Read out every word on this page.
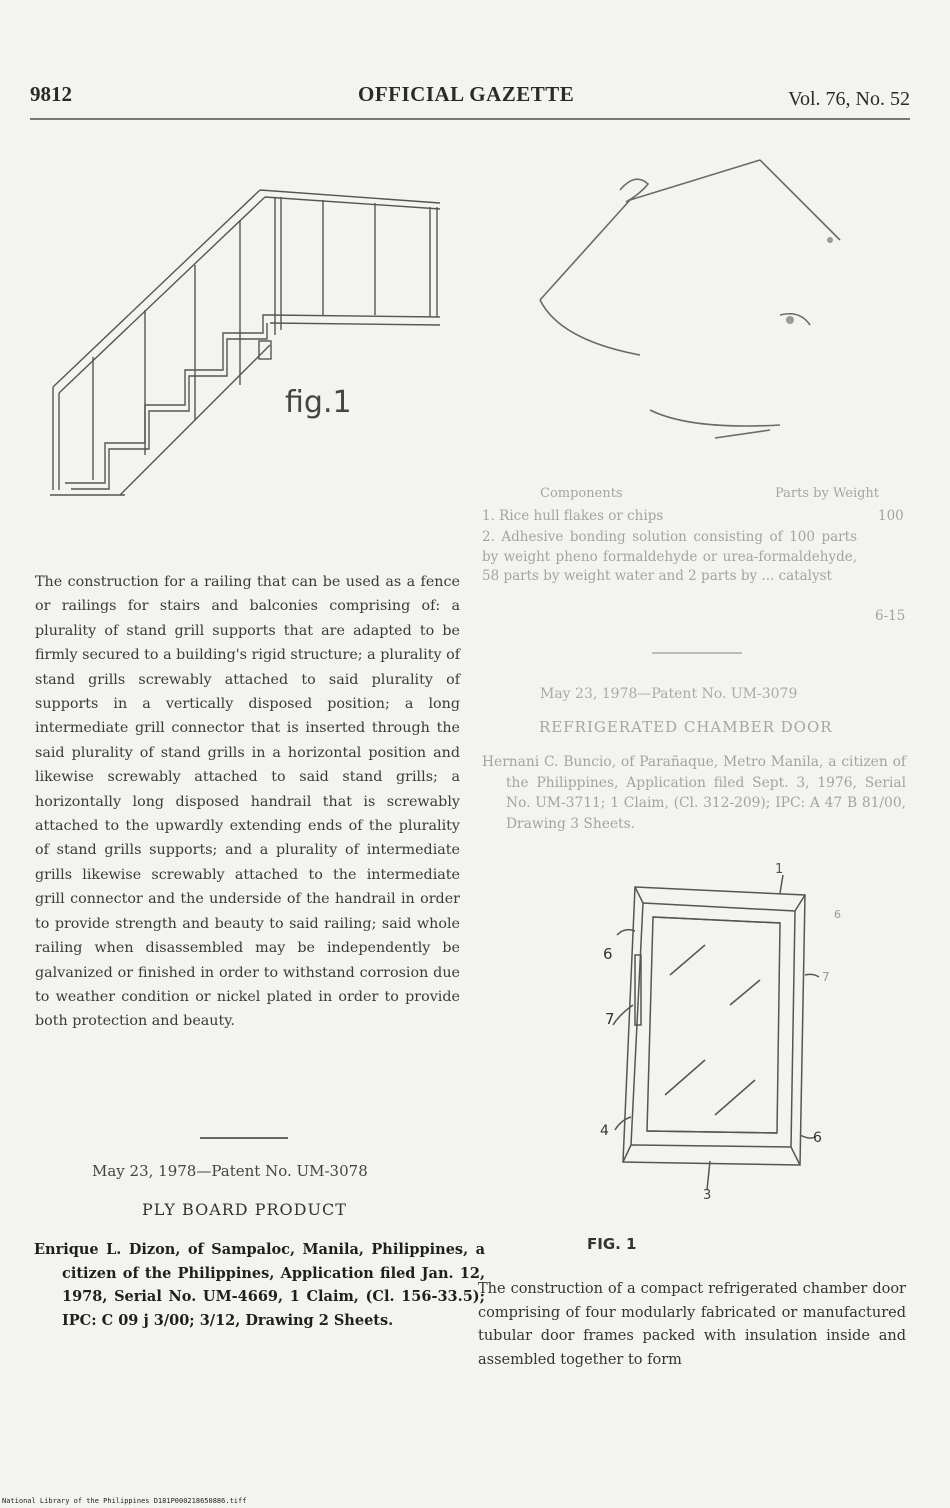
9812	OFFICIAL GAZETTE	Vol. 76, No. 52
fig.1
The construction for a railing that can be used as a fence or railings for stairs and balconies comprising of: a plurality of stand grill supports that are adapted to be firmly secured to a building's rigid structure; a plurality of stand grills screwably attached to said plurality of supports in a vertically disposed position; a long intermediate grill connector that is inserted through the said plurality of stand grills in a horizontal position and likewise screwably attached to said stand grills; a horizontally long disposed handrail that is screwably attached to the upwardly extending ends of the plurality of stand grills supports; and a plurality of intermediate grills likewise screwably attached to the intermediate grill connector and the underside of the handrail in order to provide strength and beauty to said railing; said whole railing when disassembled may be independently be galvanized or finished in order to withstand corrosion due to weather condition or nickel plated in order to provide both protection and beauty.
May 23, 1978—Patent No. UM-3078
PLY BOARD PRODUCT
Enrique L. Dizon, of Sampaloc, Manila, Philippines, a citizen of the Philippines, Application filed Jan. 12, 1978, Serial No. UM-4669, 1 Claim, (Cl. 156-33.5); IPC: C 09 j 3/00; 3/12, Drawing 2 Sheets.
Components	Parts by Weight
1. Rice hull flakes or chips	100
2. Adhesive bonding solution consisting of 100 parts by weight pheno formaldehyde or urea-formaldehyde, 58 parts by weight water and 2 parts by ... catalyst
6-15
May 23, 1978—Patent No. UM-3079
REFRIGERATED CHAMBER DOOR
Hernani C. Buncio, of Parañaque, Metro Manila, a citizen of the Philippines, Application filed Sept. 3, 1976, Serial No. UM-3711; 1 Claim, (Cl. 312-209); IPC: A 47 B 81/00, Drawing 3 Sheets.
1
6
7
6
4
6
3
7
FIG. 1
The construction of a compact refrigerated chamber door comprising of four modularly fabricated or manufactured tubular door frames packed with insulation inside and assembled together to form
National Library of the Philippines D181P000218650886.tiff
